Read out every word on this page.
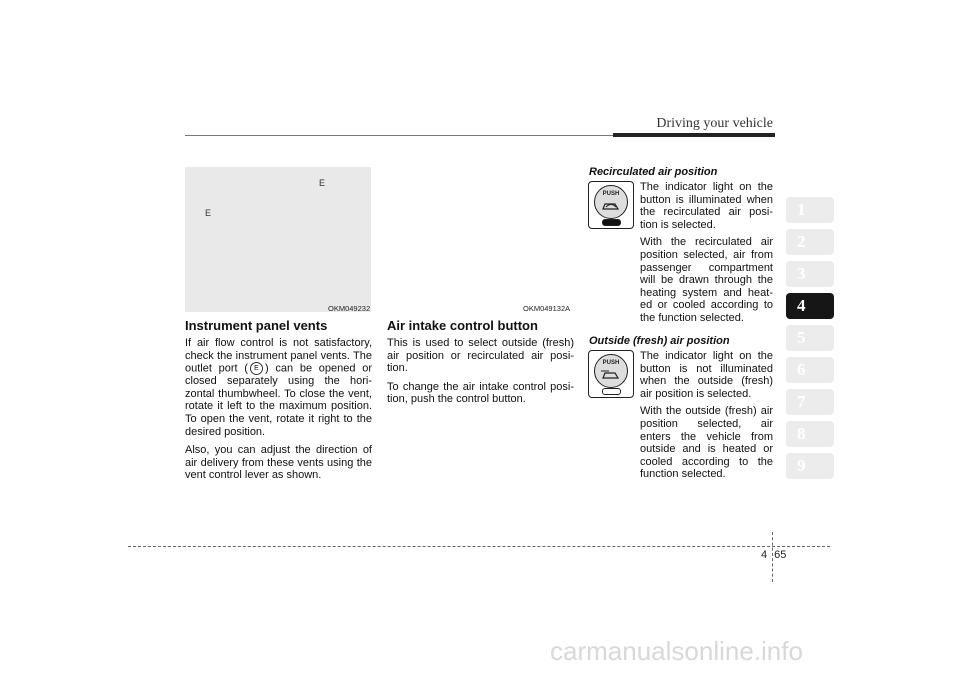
Driving your vehicle
E
E
OKM049232	OKM049132A
Instrument panel vents

If air flow control is not satisfactory, check the instrument panel vents. The outlet port ( E ) can be opened or closed separately using the hori-zontal thumbwheel. To close the vent, rotate it left to the maximum position. To open the vent, rotate it right to the desired position.

Also, you can adjust the direction of air delivery from these vents using the vent control lever as shown.

Air intake control button

This is used to select outside (fresh) air position or recirculated air posi-tion.

To change the air intake control posi-tion, push the control button.

Recirculated air position
PUSH

The indicator light on the button is illuminated when the recirculated air posi-tion is selected.

With the recirculated air position selected, air from passenger compartment will be drawn through the heating system and heat-ed or cooled according to the function selected.

Outside (fresh) air position
PUSH

The indicator light on the button is not illuminated when the outside (fresh) air position is selected.

With the outside (fresh) air position selected, air enters the vehicle from outside and is heated or cooled according to the function selected.

1
2
3
4
5
6
7
8
9
4 65
carmanualsonline.info
